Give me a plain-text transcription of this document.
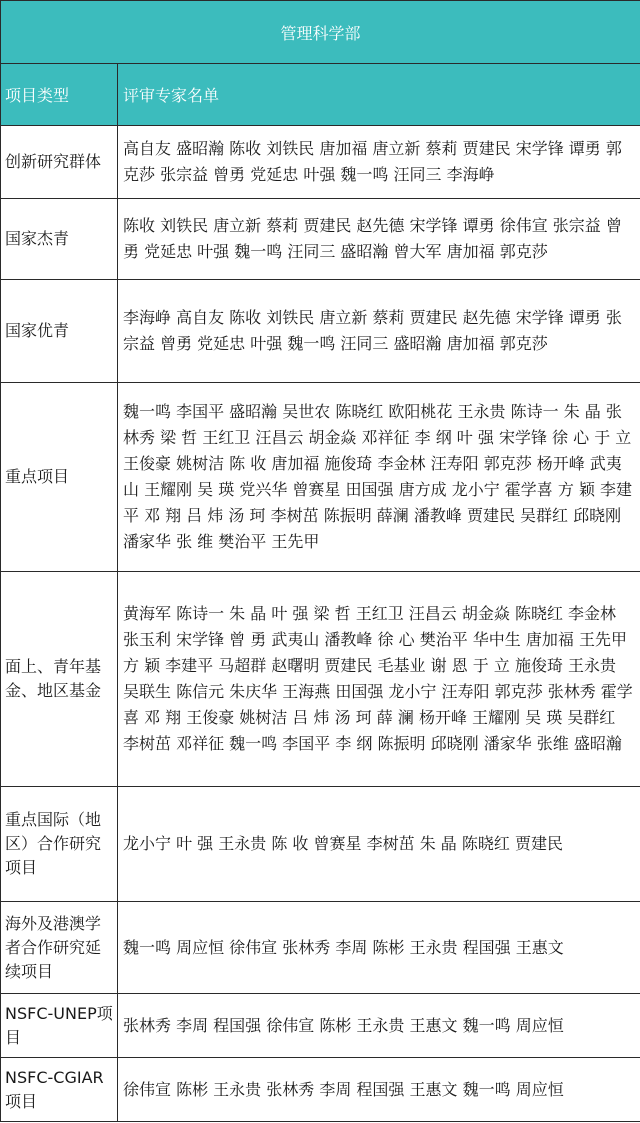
管理科学部	
项目类型	评审专家名单
创新研究群体	高自友 盛昭瀚 陈收 刘铁民 唐加福 唐立新 蔡莉 贾建民 宋学锋 谭勇 郭克莎 张宗益 曾勇 党延忠 叶强 魏一鸣 汪同三 李海峥
国家杰青	陈收 刘铁民 唐立新 蔡莉 贾建民 赵先德 宋学锋 谭勇 徐伟宣 张宗益 曾勇 党延忠 叶强 魏一鸣 汪同三 盛昭瀚 曾大军 唐加福 郭克莎
国家优青	李海峥 高自友 陈收 刘铁民 唐立新 蔡莉 贾建民 赵先德 宋学锋 谭勇 张宗益 曾勇 党延忠 叶强 魏一鸣 汪同三 盛昭瀚 唐加福 郭克莎
重点项目	魏一鸣 李国平 盛昭瀚 吴世农 陈晓红 欧阳桃花 王永贵 陈诗一 朱 晶 张林秀 梁 哲 王红卫 汪昌云 胡金焱 邓祥征 李 纲 叶 强 宋学锋 徐 心 于 立 王俊豪 姚树洁 陈 收 唐加福 施俊琦 李金林 汪寿阳 郭克莎 杨开峰 武夷山 王耀刚 吴 瑛 党兴华 曾赛星 田国强 唐方成 龙小宁 霍学喜 方 颖 李建平 邓 翔 吕 炜 汤 珂 李树茁 陈振明 薛澜 潘教峰 贾建民 吴群红 邱晓刚 潘家华 张 维 樊治平 王先甲
面上、青年基金、地区基金	黄海军 陈诗一 朱 晶 叶 强 梁 哲 王红卫 汪昌云 胡金焱 陈晓红 李金林 张玉利 宋学锋 曾 勇 武夷山 潘教峰 徐 心 樊治平 华中生 唐加福 王先甲 方 颖 李建平 马超群 赵曙明 贾建民 毛基业 谢 恩 于 立 施俊琦 王永贵 吴联生 陈信元 朱庆华 王海燕 田国强 龙小宁 汪寿阳 郭克莎 张林秀 霍学喜 邓 翔 王俊豪 姚树洁 吕 炜 汤 珂 薛 澜 杨开峰 王耀刚 吴 瑛 吴群红 李树茁 邓祥征 魏一鸣 李国平 李 纲 陈振明 邱晓刚 潘家华 张维 盛昭瀚
重点国际（地区）合作研究项目	龙小宁 叶 强 王永贵 陈 收 曾赛星 李树茁 朱 晶 陈晓红 贾建民
海外及港澳学者合作研究延续项目	魏一鸣 周应恒 徐伟宣 张林秀 李周 陈彬 王永贵 程国强 王惠文
NSFC-UNEP项目	张林秀 李周 程国强 徐伟宣 陈彬 王永贵 王惠文 魏一鸣 周应恒
NSFC-CGIAR项目	徐伟宣 陈彬 王永贵 张林秀 李周 程国强 王惠文 魏一鸣 周应恒
